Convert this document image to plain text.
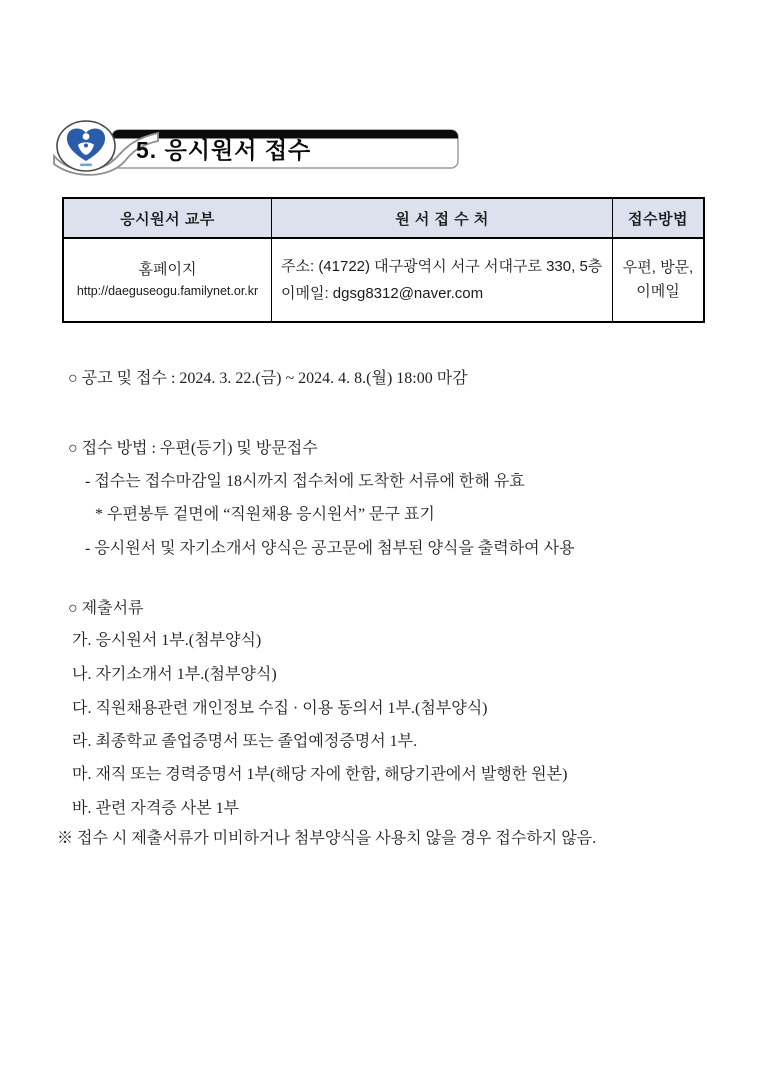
5. 응시원서 접수
응시원서 교부	원 서 접 수 처	접수방법
홈페이지
http://daeguseogu.familynet.or.kr
주소: (41722) 대구광역시 서구 서대구로 330, 5층
이메일: dgsg8312@naver.com
우편, 방문,
이메일
○ 공고 및 접수 : 2024. 3. 22.(금) ~ 2024. 4. 8.(월) 18:00 마감
○ 접수 방법 : 우편(등기) 및 방문접수
- 접수는 접수마감일 18시까지 접수처에 도착한 서류에 한해 유효
* 우편봉투 겉면에 “직원채용 응시원서” 문구 표기
- 응시원서 및 자기소개서 양식은 공고문에 첨부된 양식을 출력하여 사용
○ 제출서류
가. 응시원서 1부.(첨부양식)
나. 자기소개서 1부.(첨부양식)
다. 직원채용관련 개인정보 수집 · 이용 동의서 1부.(첨부양식)
라. 최종학교 졸업증명서 또는 졸업예정증명서 1부.
마. 재직 또는 경력증명서 1부(해당 자에 한함, 해당기관에서 발행한 원본)
바. 관련 자격증 사본 1부
※ 접수 시 제출서류가 미비하거나 첨부양식을 사용치 않을 경우 접수하지 않음.
